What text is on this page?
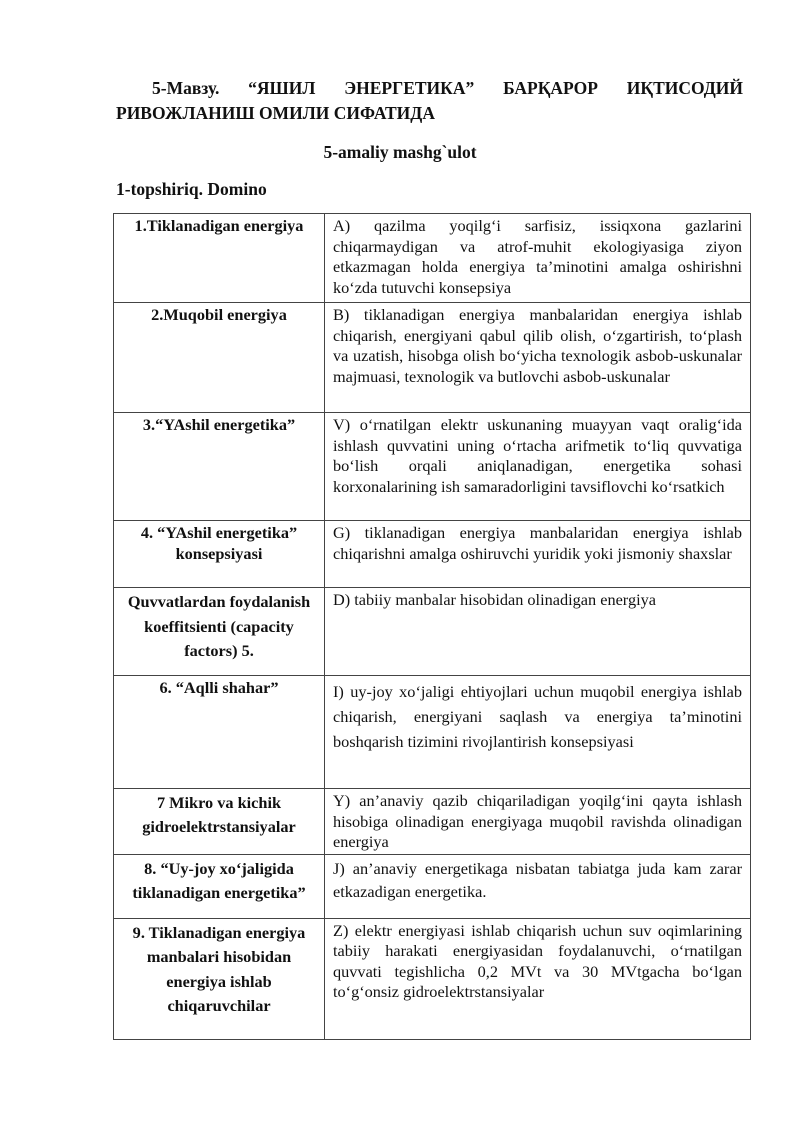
5-Мавзу. “ЯШИЛ ЭНЕРГЕТИКА” БАРҚАРОР ИҚТИСОДИЙ РИВОЖЛАНИШ ОМИЛИ СИФАТИДА

5-amaliy mashg`ulot

1-topshiriq. Domino

1.Tiklanadigan energiya	A) qazilma yoqilg‘i sarfisiz, issiqxona gazlarini chiqarmaydigan va atrof-muhit ekologiyasiga ziyon etkazmagan holda energiya ta’minotini amalga oshirishni ko‘zda tutuvchi konsepsiya
2.Muqobil energiya	B) tiklanadigan energiya manbalaridan energiya ishlab chiqarish, energiyani qabul qilib olish, o‘zgartirish, to‘plash va uzatish, hisobga olish bo‘yicha texnologik asbob-uskunalar majmuasi, texnologik va butlovchi asbob-uskunalar
3.“YAshil energetika”	V) o‘rnatilgan elektr uskunaning muayyan vaqt oralig‘ida ishlash quvvatini uning o‘rtacha arifmetik to‘liq quvvatiga bo‘lish orqali aniqlanadigan, energetika sohasi korxonalarining ish samaradorligini tavsiflovchi ko‘rsatkich
4. “YAshil energetika” konsepsiyasi	G) tiklanadigan energiya manbalaridan energiya ishlab chiqarishni amalga oshiruvchi yuridik yoki jismoniy shaxslar
Quvvatlardan foydalanish koeffitsienti (capacity factors) 5.	D) tabiiy manbalar hisobidan olinadigan energiya
6. “Aqlli shahar”	I) uy-joy xo‘jaligi ehtiyojlari uchun muqobil energiya ishlab chiqarish, energiyani saqlash va energiya ta’minotini boshqarish tizimini rivojlantirish konsepsiyasi
7 Mikro va kichik gidroelektrstansiyalar	Y) an’anaviy qazib chiqariladigan yoqilg‘ini qayta ishlash hisobiga olinadigan energiyaga muqobil ravishda olinadigan energiya
8. “Uy-joy xo‘jaligida tiklanadigan energetika”	J) an’anaviy energetikaga nisbatan tabiatga juda kam zarar etkazadigan energetika.
9. Tiklanadigan energiya manbalari hisobidan energiya ishlab chiqaruvchilar	Z) elektr energiyasi ishlab chiqarish uchun suv oqimlarining tabiiy harakati energiyasidan foydalanuvchi, o‘rnatilgan quvvati tegishlicha 0,2 MVt va 30 MVtgacha bo‘lgan to‘g‘onsiz gidroelektrstansiyalar
